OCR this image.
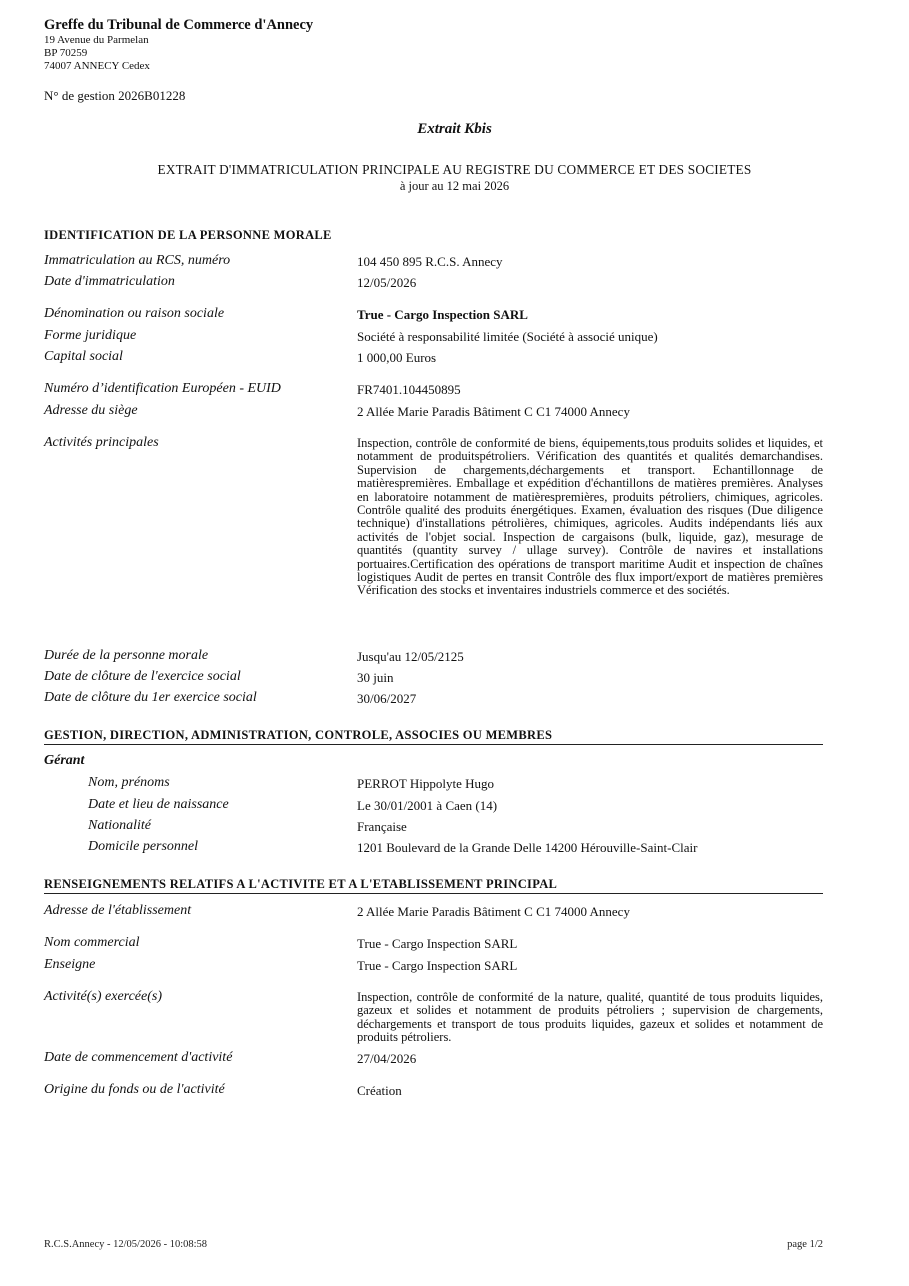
Greffe du Tribunal de Commerce d'Annecy
19 Avenue du Parmelan
BP 70259
74007 ANNECY Cedex
N° de gestion 2026B01228
Extrait Kbis
EXTRAIT D'IMMATRICULATION PRINCIPALE AU REGISTRE DU COMMERCE ET DES SOCIETES
à jour au 12 mai 2026
IDENTIFICATION DE LA PERSONNE MORALE
Immatriculation au RCS, numéro	104 450 895 R.C.S. Annecy
Date d'immatriculation	12/05/2026
Dénomination ou raison sociale	True - Cargo Inspection SARL
Forme juridique	Société à responsabilité limitée (Société à associé unique)
Capital social	1 000,00 Euros
Numéro d’identification Européen - EUID	FR7401.104450895
Adresse du siège	2 Allée Marie Paradis Bâtiment C C1 74000 Annecy
Activités principales	Inspection, contrôle de conformité de biens, équipements,tous produits solides et liquides, et notamment de produitspétroliers. Vérification des quantités et qualités demarchandises. Supervision de chargements,déchargements et transport. Echantillonnage de matièrespremières. Emballage et expédition d'échantillons de matières premières. Analyses en laboratoire notamment de matièrespremières, produits pétroliers, chimiques, agricoles. Contrôle qualité des produits énergétiques. Examen, évaluation des risques (Due diligence technique) d'installations pétrolières, chimiques, agricoles. Audits indépendants liés aux activités de l'objet social. Inspection de cargaisons (bulk, liquide, gaz), mesurage de quantités (quantity survey / ullage survey). Contrôle de navires et installations portuaires.Certification des opérations de transport maritime Audit et inspection de chaînes logistiques Audit de pertes en transit Contrôle des flux import/export de matières premières Vérification des stocks et inventaires industriels commerce et des sociétés.
Durée de la personne morale	Jusqu'au 12/05/2125
Date de clôture de l'exercice social	30 juin
Date de clôture du 1er exercice social	30/06/2027
GESTION, DIRECTION, ADMINISTRATION, CONTROLE, ASSOCIES OU MEMBRES
Gérant
Nom, prénoms	PERROT Hippolyte Hugo
Date et lieu de naissance	Le 30/01/2001 à Caen (14)
Nationalité	Française
Domicile personnel	1201 Boulevard de la Grande Delle 14200 Hérouville-Saint-Clair
RENSEIGNEMENTS RELATIFS A L'ACTIVITE ET A L'ETABLISSEMENT PRINCIPAL
Adresse de l'établissement	2 Allée Marie Paradis Bâtiment C C1 74000 Annecy
Nom commercial	True - Cargo Inspection SARL
Enseigne	True - Cargo Inspection SARL
Activité(s) exercée(s)	Inspection, contrôle de conformité de la nature, qualité, quantité de tous produits liquides, gazeux et solides et notamment de produits pétroliers ; supervision de chargements, déchargements et transport de tous produits liquides, gazeux et solides et notamment de produits pétroliers.
Date de commencement d'activité	27/04/2026
Origine du fonds ou de l'activité	Création
R.C.S.Annecy - 12/05/2026 - 10:08:58	page 1/2
